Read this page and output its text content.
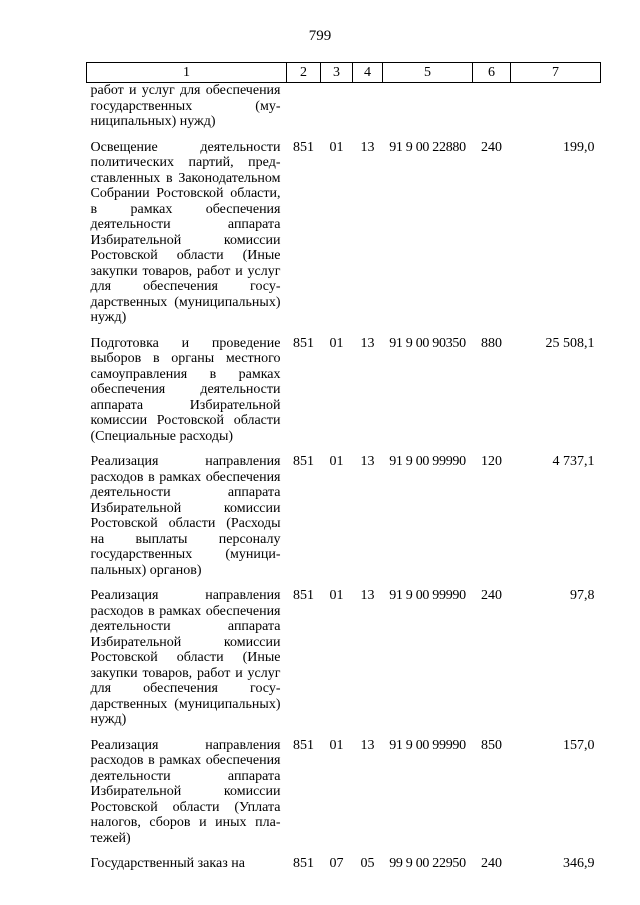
799
1	2	3	4	5	6	7
работ и услуг для обеспечения государственных (муниципальных) нужд)						
Освещение деятельности политических партий, представленных в Законодательном Собрании Ростовской области, в рамках обеспечения деятельности аппарата Избирательной комиссии Ростовской области (Иные закупки товаров, работ и услуг для обеспечения государственных (муниципальных) нужд)	851	01	13	91 9 00 22880	240	199,0
Подготовка и проведение выборов в органы местного самоуправления в рамках обеспечения деятельности аппарата Избирательной комиссии Ростовской области (Специальные расходы)	851	01	13	91 9 00 90350	880	25 508,1
Реализация направления расходов в рамках обеспечения деятельности аппарата Избирательной комиссии Ростовской области (Расходы на выплаты персоналу государственных (муниципальных) органов)	851	01	13	91 9 00 99990	120	4 737,1
Реализация направления расходов в рамках обеспечения деятельности аппарата Избирательной комиссии Ростовской области (Иные закупки товаров, работ и услуг для обеспечения государственных (муниципальных) нужд)	851	01	13	91 9 00 99990	240	97,8
Реализация направления расходов в рамках обеспечения деятельности аппарата Избирательной комиссии Ростовской области (Уплата налогов, сборов и иных платежей)	851	01	13	91 9 00 99990	850	157,0
Государственный заказ на	851	07	05	99 9 00 22950	240	346,9
